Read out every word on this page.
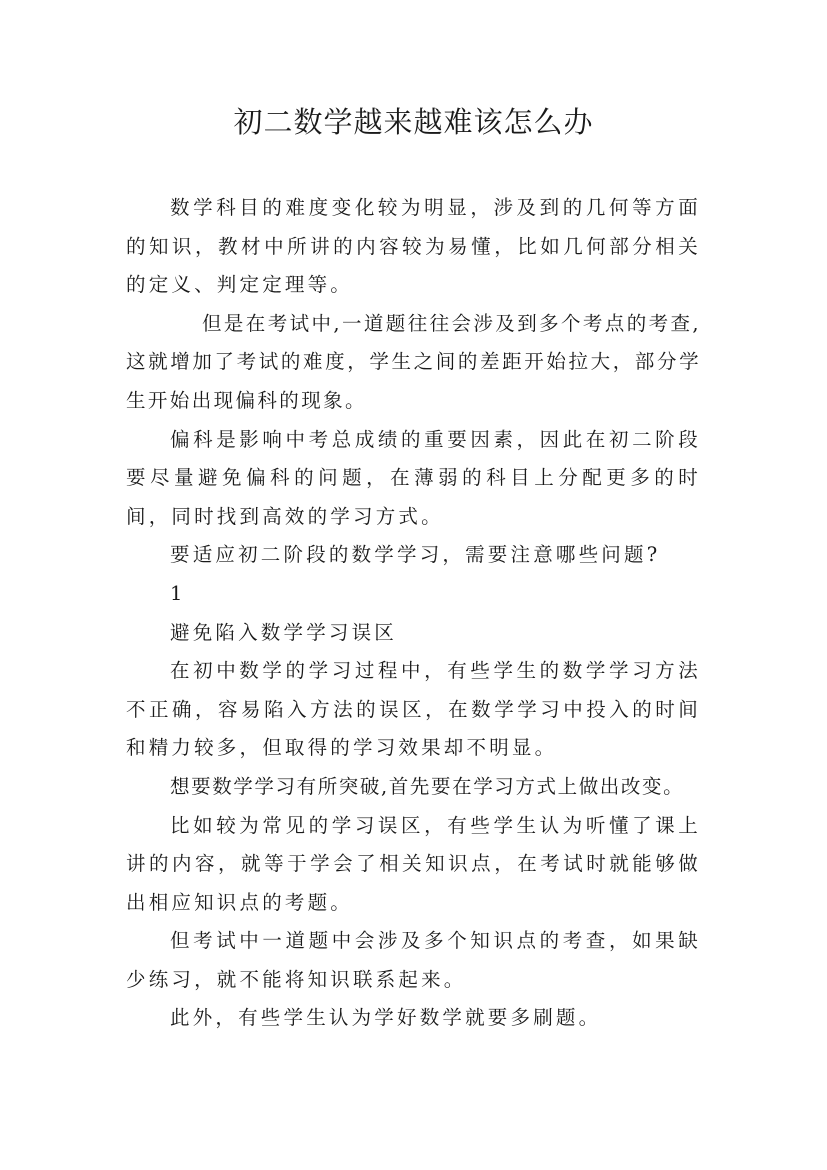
初二数学越来越难该怎么办

数学科目的难度变化较为明显，涉及到的几何等方面的知识，教材中所讲的内容较为易懂，比如几何部分相关的定义、判定定理等。

但是在考试中,一道题往往会涉及到多个考点的考查,这就增加了考试的难度，学生之间的差距开始拉大，部分学生开始出现偏科的现象。

偏科是影响中考总成绩的重要因素，因此在初二阶段要尽量避免偏科的问题，在薄弱的科目上分配更多的时间，同时找到高效的学习方式。

要适应初二阶段的数学学习，需要注意哪些问题?

1

避免陷入数学学习误区

在初中数学的学习过程中，有些学生的数学学习方法不正确，容易陷入方法的误区，在数学学习中投入的时间和精力较多，但取得的学习效果却不明显。

想要数学学习有所突破,首先要在学习方式上做出改变。

比如较为常见的学习误区，有些学生认为听懂了课上讲的内容，就等于学会了相关知识点，在考试时就能够做出相应知识点的考题。

但考试中一道题中会涉及多个知识点的考查，如果缺少练习，就不能将知识联系起来。

此外，有些学生认为学好数学就要多刷题。
